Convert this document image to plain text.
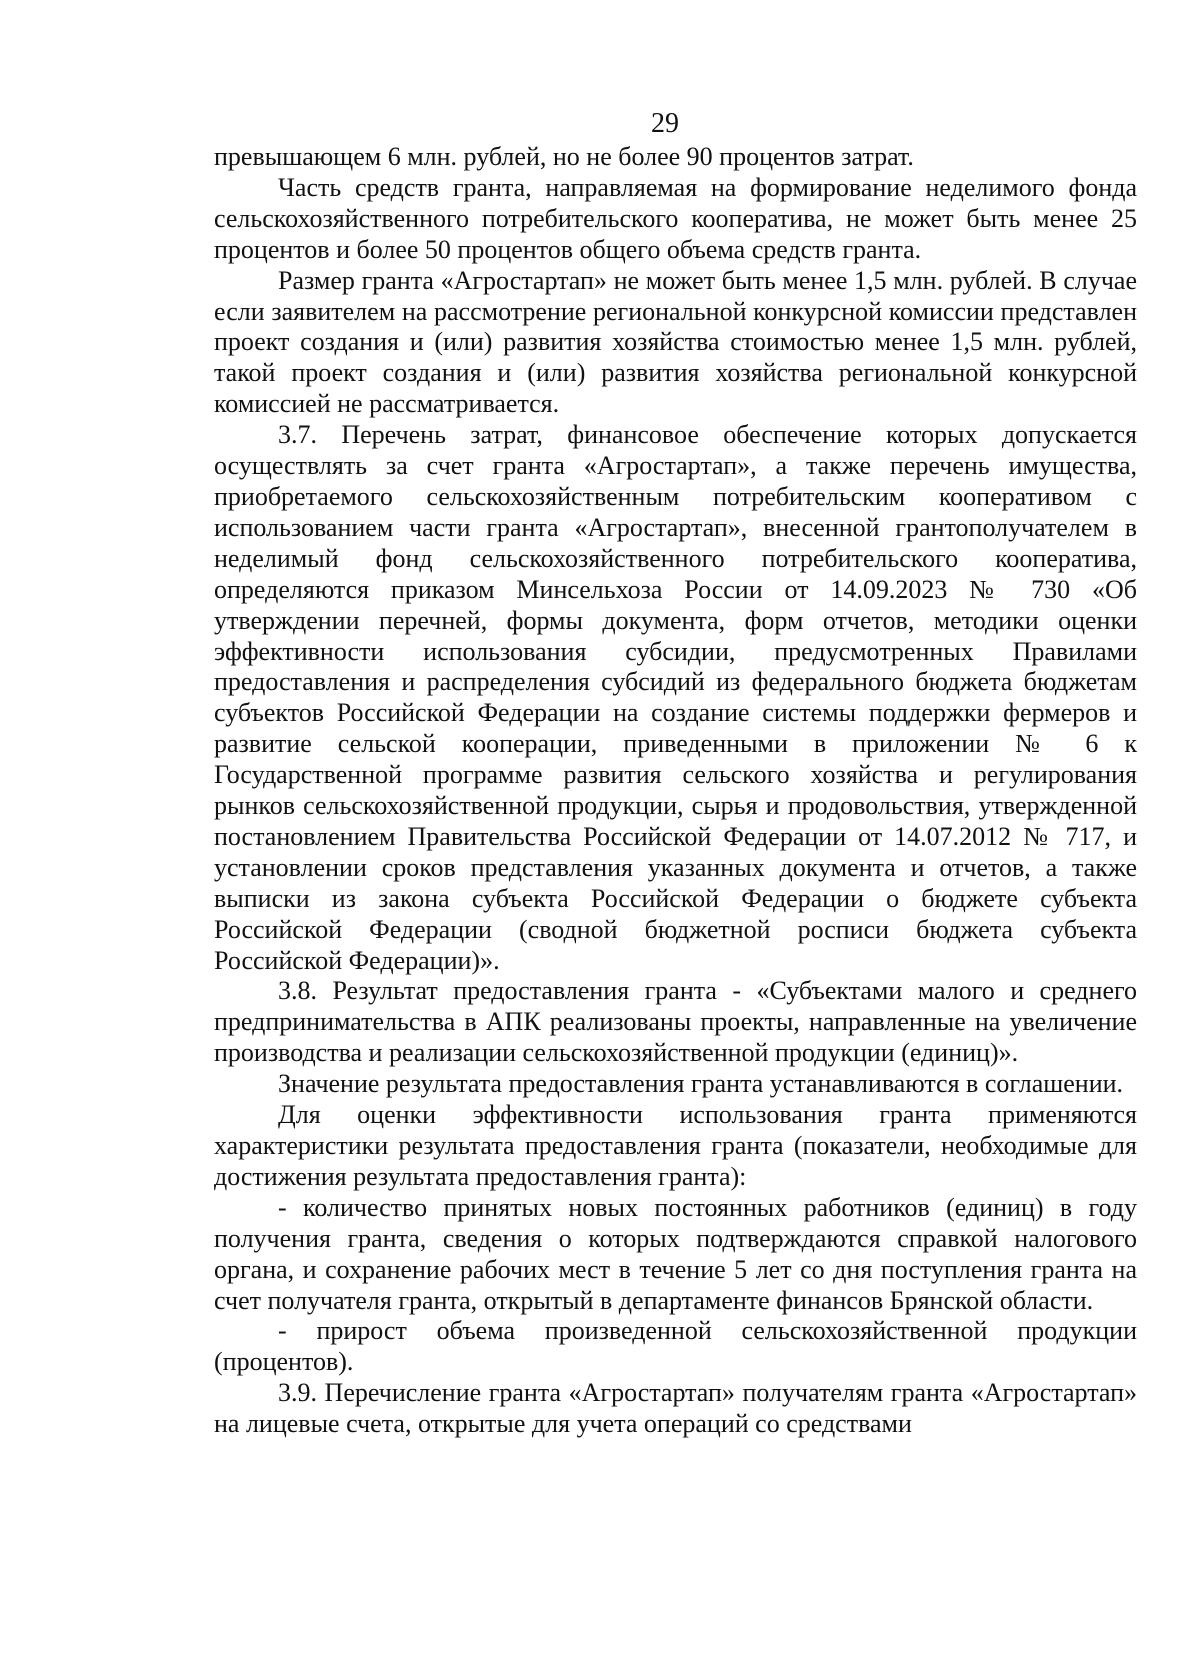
29

превышающем 6 млн. рублей, но не более 90 процентов затрат.

Часть средств гранта, направляемая на формирование неделимого фонда сельскохозяйственного потребительского кооператива, не может быть менее 25 процентов и более 50 процентов общего объема средств гранта.

Размер гранта «Агростартап» не может быть менее 1,5 млн. рублей. В случае если заявителем на рассмотрение региональной конкурсной комиссии представлен проект создания и (или) развития хозяйства стоимостью менее 1,5 млн. рублей, такой проект создания и (или) развития хозяйства региональной конкурсной комиссией не рассматривается.

3.7. Перечень затрат, финансовое обеспечение которых допускается осуществлять за счет гранта «Агростартап», а также перечень имущества, приобретаемого сельскохозяйственным потребительским кооперативом с использованием части гранта «Агростартап», внесенной грантополучателем в неделимый фонд сельскохозяйственного потребительского кооператива, определяются приказом Минсельхоза России от 14.09.2023 № 730 «Об утверждении перечней, формы документа, форм отчетов, методики оценки эффективности использования субсидии, предусмотренных Правилами предоставления и распределения субсидий из федерального бюджета бюджетам субъектов Российской Федерации на создание системы поддержки фермеров и развитие сельской кооперации, приведенными в приложении № 6 к Государственной программе развития сельского хозяйства и регулирования рынков сельскохозяйственной продукции, сырья и продовольствия, утвержденной постановлением Правительства Российской Федерации от 14.07.2012 № 717, и установлении сроков представления указанных документа и отчетов, а также выписки из закона субъекта Российской Федерации о бюджете субъекта Российской Федерации (сводной бюджетной росписи бюджета субъекта Российской Федерации)».

3.8. Результат предоставления гранта - «Субъектами малого и среднего предпринимательства в АПК реализованы проекты, направленные на увеличение производства и реализации сельскохозяйственной продукции (единиц)».

Значение результата предоставления гранта устанавливаются в соглашении.

Для оценки эффективности использования гранта применяются характеристики результата предоставления гранта (показатели, необходимые для достижения результата предоставления гранта):

- количество принятых новых постоянных работников (единиц) в году получения гранта, сведения о которых подтверждаются справкой налогового органа, и сохранение рабочих мест в течение 5 лет со дня поступления гранта на счет получателя гранта, открытый в департаменте финансов Брянской области.

- прирост объема произведенной сельскохозяйственной продукции (процентов).

3.9. Перечисление гранта «Агростартап» получателям гранта «Агростартап» на лицевые счета, открытые для учета операций со средствами
